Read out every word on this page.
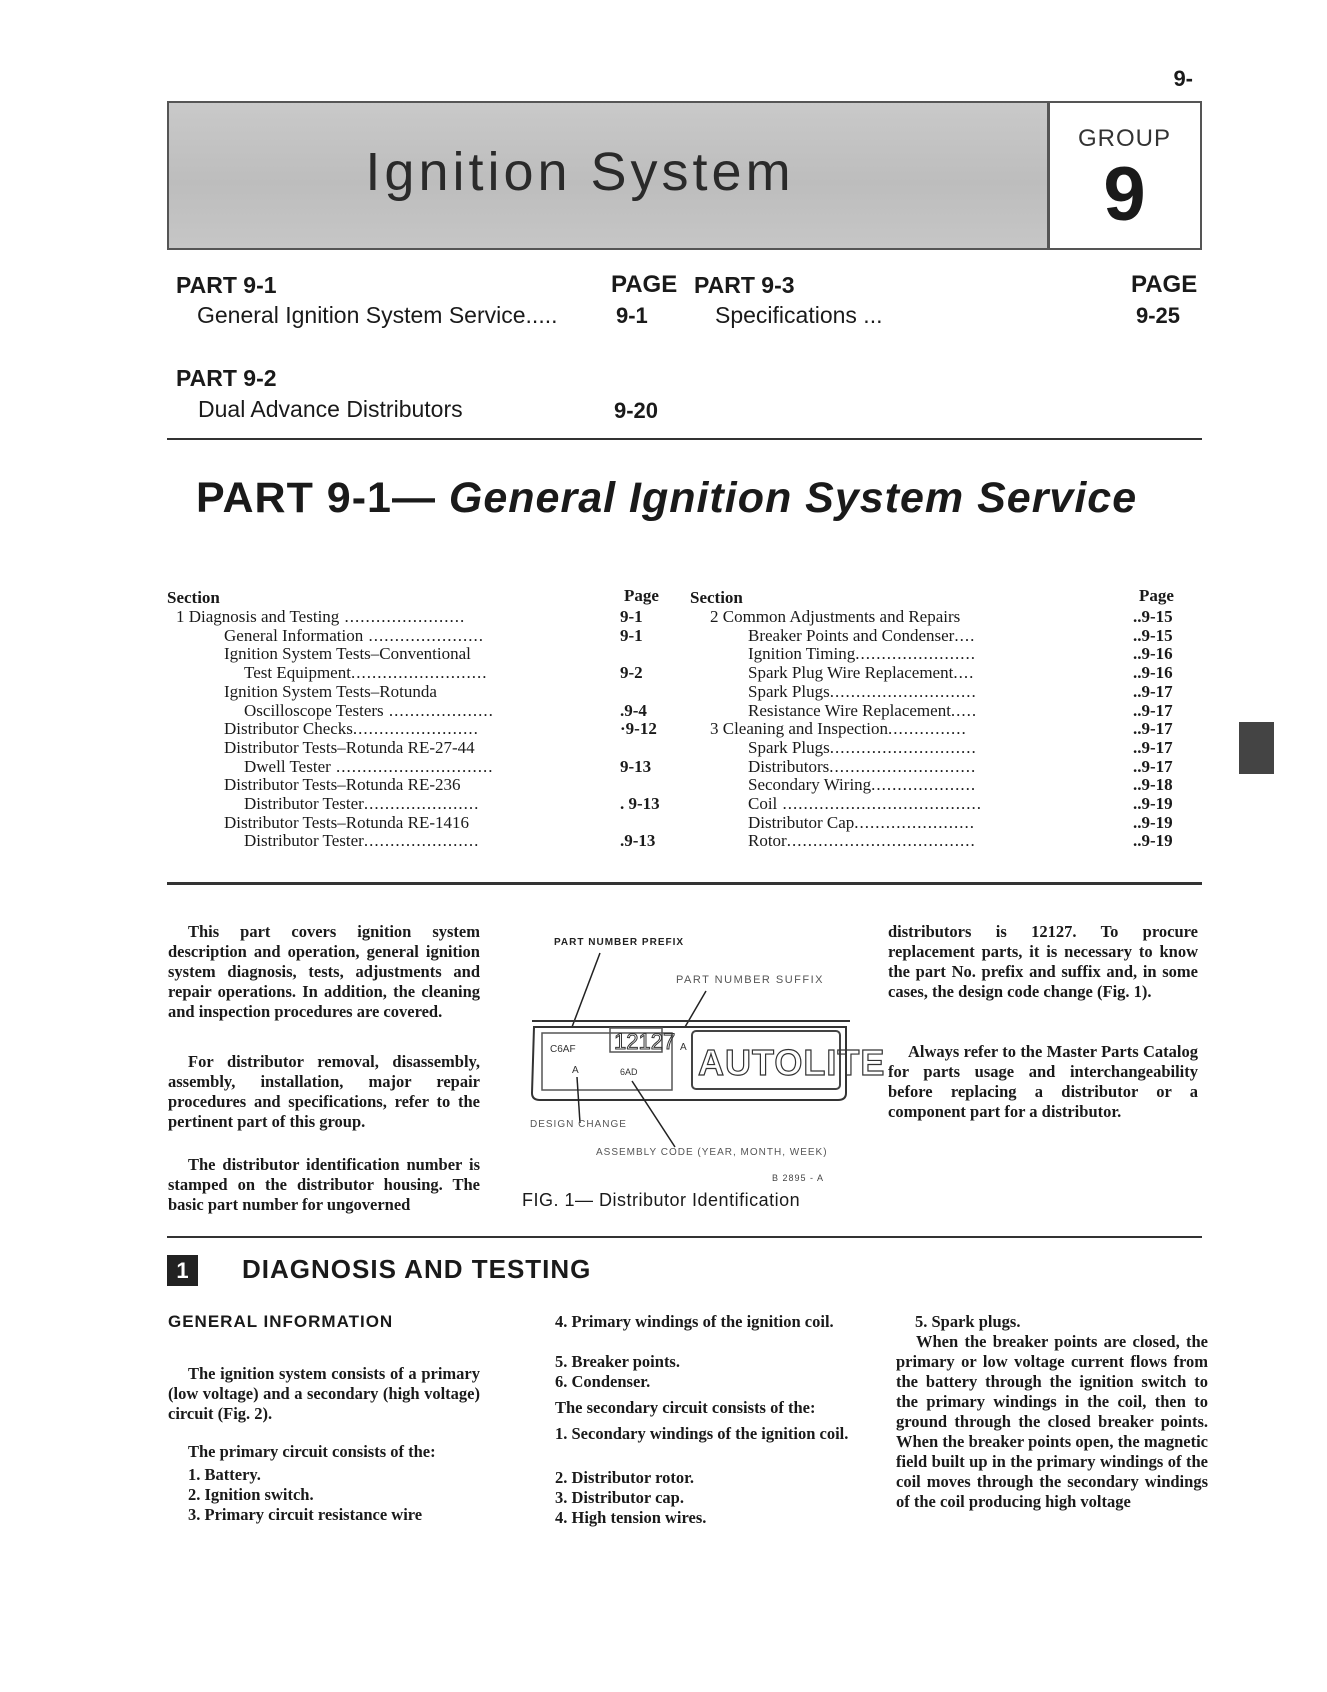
9-
Ignition System
GROUP
9
PART 9-1	PAGE
General Ignition System Service.....	9-1
PART 9-3	PAGE
Specifications ...	9-25
PART 9-2
Dual Advance Distributors	9-20
PART 9-1— General Ignition System Service
Section	Page Section	Page
1 Diagnosis and Testing .......................	9-1
General Information ......................	9-1
Ignition System Tests–Conventional
Test Equipment..........................	9-2
Ignition System Tests–Rotunda
Oscilloscope Testers ....................	.9-4
Distributor Checks........................	·9-12
Distributor Tests–Rotunda RE-27-44
Dwell Tester ..............................	9-13
Distributor Tests–Rotunda RE-236
Distributor Tester......................	. 9-13
Distributor Tests–Rotunda RE-1416
Distributor Tester......................	.9-13
2 Common Adjustments and Repairs	..9-15
Breaker Points and Condenser....	..9-15
Ignition Timing.......................	..9-16
Spark Plug Wire Replacement....	..9-16
Spark Plugs............................	..9-17
Resistance Wire Replacement.....	..9-17
3 Cleaning and Inspection...............	..9-17
Spark Plugs............................	..9-17
Distributors............................	..9-17
Secondary Wiring....................	..9-18
Coil ......................................	..9-19
Distributor Cap.......................	..9-19
Rotor....................................	..9-19
This part covers ignition system description and operation, general ignition system diagnosis, tests, adjustments and repair operations. In addition, the cleaning and inspection procedures are covered.
For distributor removal, disassembly, assembly, installation, major repair procedures and specifications, refer to the pertinent part of this group.
The distributor identification number is stamped on the distributor housing. The basic part number for ungoverned
PART NUMBER PREFIX
PART NUMBER SUFFIX
C6AF 12127 A
A	6AD AUTOLITE
DESIGN CHANGE
ASSEMBLY CODE (YEAR, MONTH, WEEK)
B 2895 - A
FIG. 1— Distributor Identification
distributors is 12127. To procure replacement parts, it is necessary to know the part No. prefix and suffix and, in some cases, the design code change (Fig. 1).
Always refer to the Master Parts Catalog for parts usage and interchangeability before replacing a distributor or a component part for a distributor.
1	DIAGNOSIS AND TESTING
GENERAL INFORMATION
The ignition system consists of a primary (low voltage) and a secondary (high voltage) circuit (Fig. 2).
The primary circuit consists of the:
1. Battery.
2. Ignition switch.
3. Primary circuit resistance wire
4. Primary windings of the ignition coil.
5. Breaker points.
6. Condenser.
The secondary circuit consists of the:
1. Secondary windings of the ignition coil.
2. Distributor rotor.
3. Distributor cap.
4. High tension wires.
5. Spark plugs.
When the breaker points are closed, the primary or low voltage current flows from the battery through the ignition switch to the primary windings in the coil, then to ground through the closed breaker points. When the breaker points open, the magnetic field built up in the primary windings of the coil moves through the secondary windings of the coil producing high voltage
